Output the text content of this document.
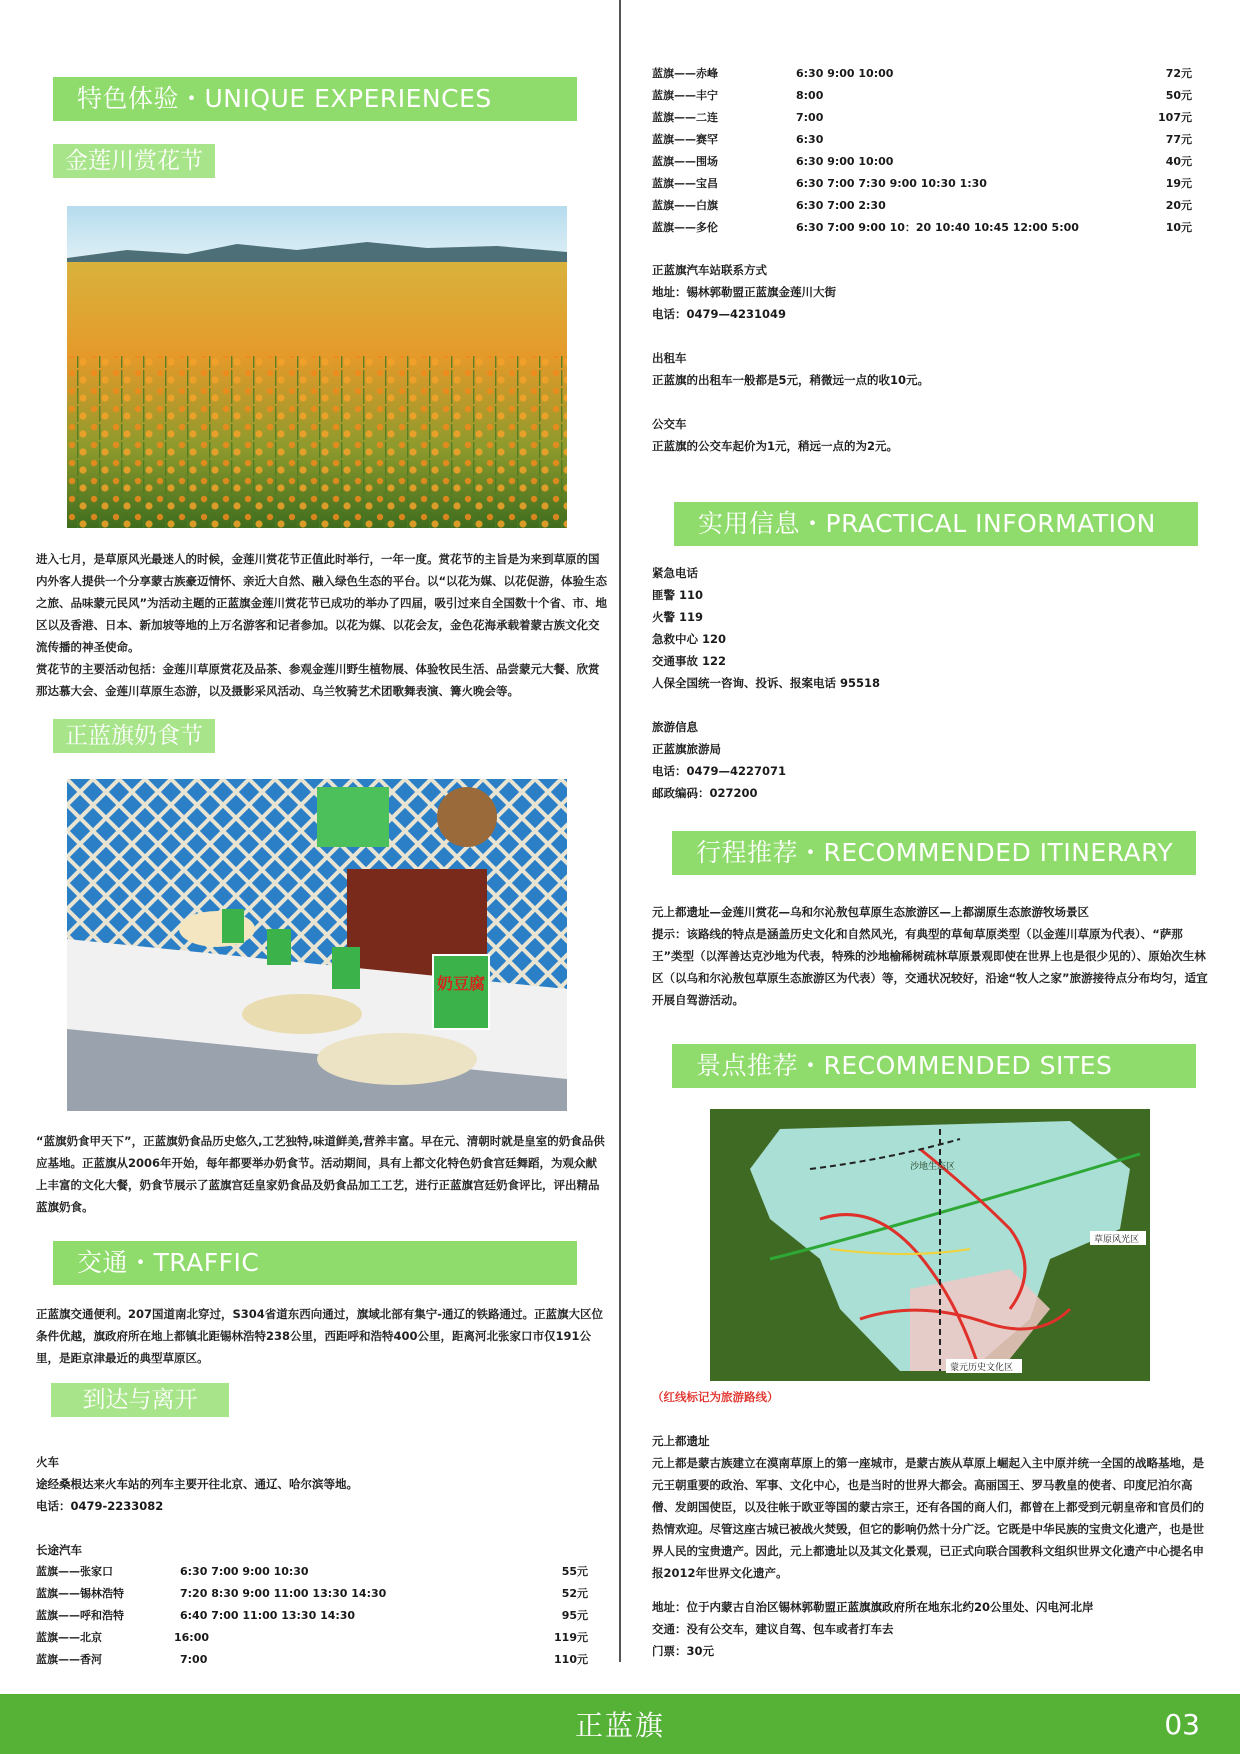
特色体验・UNIQUE EXPERIENCES
金莲川赏花节

进入七月，是草原风光最迷人的时候，金莲川赏花节正值此时举行，一年一度。赏花节的主旨是为来到草原的国内外客人提供一个分享蒙古族豪迈情怀、亲近大自然、融入绿色生态的平台。以“以花为媒、以花促游，体验生态之旅、品味蒙元民风”为活动主题的正蓝旗金莲川赏花节已成功的举办了四届，吸引过来自全国数十个省、市、地区以及香港、日本、新加坡等地的上万名游客和记者参加。以花为媒、以花会友，金色花海承载着蒙古族文化交流传播的神圣使命。

赏花节的主要活动包括：金莲川草原赏花及品茶、参观金莲川野生植物展、体验牧民生活、品尝蒙元大餐、欣赏那达慕大会、金莲川草原生态游，以及摄影采风活动、乌兰牧骑艺术团歌舞表演、篝火晚会等。

正蓝旗奶食节
奶豆腐

“蓝旗奶食甲天下”，正蓝旗奶食品历史悠久,工艺独特,味道鲜美,营养丰富。早在元、清朝时就是皇室的奶食品供应基地。正蓝旗从2006年开始，每年都要举办奶食节。活动期间，具有上都文化特色奶食宫廷舞蹈，为观众献上丰富的文化大餐，奶食节展示了蓝旗宫廷皇家奶食品及奶食品加工工艺，进行正蓝旗宫廷奶食评比，评出精品蓝旗奶食。

交通・TRAFFIC

正蓝旗交通便利。207国道南北穿过，S304省道东西向通过，旗域北部有集宁-通辽的铁路通过。正蓝旗大区位条件优越，旗政府所在地上都镇北距锡林浩特238公里，西距呼和浩特400公里，距离河北张家口市仅191公里，是距京津最近的典型草原区。

到达与离开
火车
途经桑根达来火车站的列车主要开往北京、通辽、哈尔滨等地。
电话：0479-2233082
长途汽车
蓝旗——张家口	6:30 7:00 9:00 10:30	55元
蓝旗——锡林浩特	7:20 8:30 9:00 11:00 13:30 14:30	52元
蓝旗——呼和浩特	6:40 7:00 11:00 13:30 14:30	95元
蓝旗——北京	16:00	119元
蓝旗——香河	7:00	110元
蓝旗——赤峰	6:30 9:00 10:00	72元
蓝旗——丰宁	8:00	50元
蓝旗——二连	7:00	107元
蓝旗——赛罕	6:30	77元
蓝旗——围场	6:30 9:00 10:00	40元
蓝旗——宝昌	6:30 7:00 7:30 9:00 10:30 1:30	19元
蓝旗——白旗	6:30 7:00 2:30	20元
蓝旗——多伦	6:30 7:00 9:00 10：20 10:40 10:45 12:00 5:00	10元
正蓝旗汽车站联系方式
地址：锡林郭勒盟正蓝旗金莲川大街
电话：0479—4231049
出租车
正蓝旗的出租车一般都是5元，稍微远一点的收10元。
公交车
正蓝旗的公交车起价为1元，稍远一点的为2元。
实用信息・PRACTICAL INFORMATION
紧急电话
匪警 110
火警 119
急救中心 120
交通事故 122
人保全国统一咨询、投诉、报案电话 95518
旅游信息
正蓝旗旅游局
电话：0479—4227071
邮政编码：027200
行程推荐・RECOMMENDED ITINERARY
元上都遗址—金莲川赏花—乌和尔沁敖包草原生态旅游区—上都湖原生态旅游牧场景区

提示：该路线的特点是涵盖历史文化和自然风光，有典型的草甸草原类型（以金莲川草原为代表）、“萨那王”类型（以浑善达克沙地为代表，特殊的沙地榆稀树疏林草原景观即使在世界上也是很少见的）、原始次生林区（以乌和尔沁敖包草原生态旅游区为代表）等，交通状况较好，沿途“牧人之家”旅游接待点分布均匀，适宜开展自驾游活动。

景点推荐・RECOMMENDED SITES
沙地生态区
草原风光区
蒙元历史文化区
（红线标记为旅游路线）
元上都遗址

元上都是蒙古族建立在漠南草原上的第一座城市，是蒙古族从草原上崛起入主中原并统一全国的战略基地，是元王朝重要的政治、军事、文化中心，也是当时的世界大都会。高丽国王、罗马教皇的使者、印度尼泊尔高僧、发朗国使臣，以及往帐于欧亚等国的蒙古宗王，还有各国的商人们，都曾在上都受到元朝皇帝和官员们的热情欢迎。尽管这座古城已被战火焚毁，但它的影响仍然十分广泛。它既是中华民族的宝贵文化遗产，也是世界人民的宝贵遗产。因此，元上都遗址以及其文化景观，已正式向联合国教科文组织世界文化遗产中心提名申报2012年世界文化遗产。

地址：位于内蒙古自治区锡林郭勒盟正蓝旗旗政府所在地东北约20公里处、闪电河北岸
交通：没有公交车，建议自驾、包车或者打车去
门票：30元
正蓝旗	03
